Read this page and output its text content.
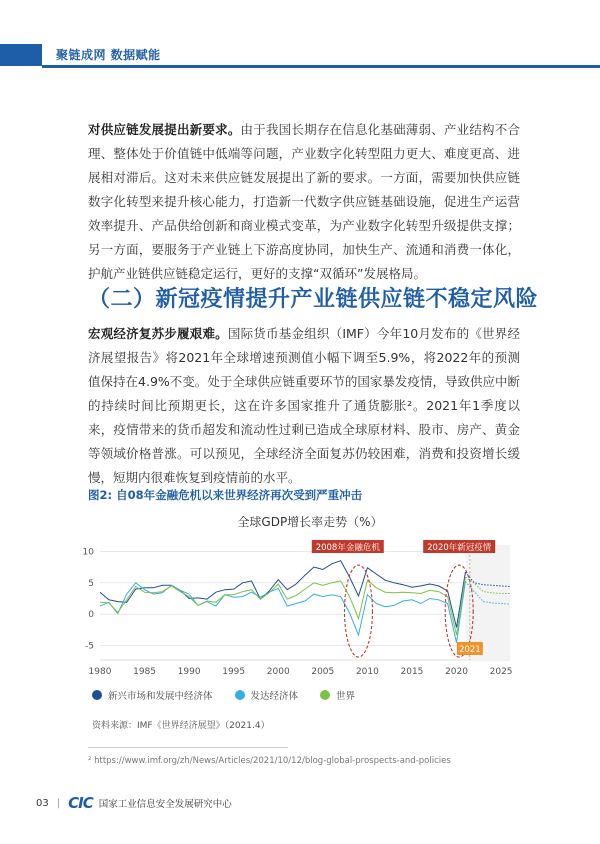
聚链成网 数据赋能

对供应链发展提出新要求。由于我国长期存在信息化基础薄弱、产业结构不合理、整体处于价值链中低端等问题，产业数字化转型阻力更大、难度更高、进展相对滞后。这对未来供应链发展提出了新的要求。一方面，需要加快供应链数字化转型来提升核心能力，打造新一代数字供应链基础设施，促进生产运营效率提升、产品供给创新和商业模式变革，为产业数字化转型升级提供支撑；另一方面，要服务于产业链上下游高度协同，加快生产、流通和消费一体化，护航产业链供应链稳定运行，更好的支撑“双循环”发展格局。

（二）新冠疫情提升产业链供应链不稳定风险

宏观经济复苏步履艰难。国际货币基金组织（IMF）今年10月发布的《世界经济展望报告》将2021年全球增速预测值小幅下调至5.9%，将2022年的预测值保持在4.9%不变。处于全球供应链重要环节的国家暴发疫情，导致供应中断的持续时间比预期更长，这在许多国家推升了通货膨胀²。2021年1季度以来，疫情带来的货币超发和流动性过剩已造成全球原材料、股市、房产、黄金等领域价格普涨。可以预见，全球经济全面复苏仍较困难，消费和投资增长缓慢，短期内很难恢复到疫情前的水平。

图2: 自08年金融危机以来世界经济再次受到严重冲击
全球GDP增长率走势（%）
-5
0
5
10
1980 1985 1990 1995 2000 2005 2010 2015 2020 2025
2008年金融危机	2020年新冠疫情
2021
新兴市场和发展中经济体	发达经济体	世界
资料来源：IMF《世界经济展望》（2021.4）
² https://www.imf.org/zh/News/Articles/2021/10/12/blog-global-prospects-and-policies
03 | CIC 国家工业信息安全发展研究中心
